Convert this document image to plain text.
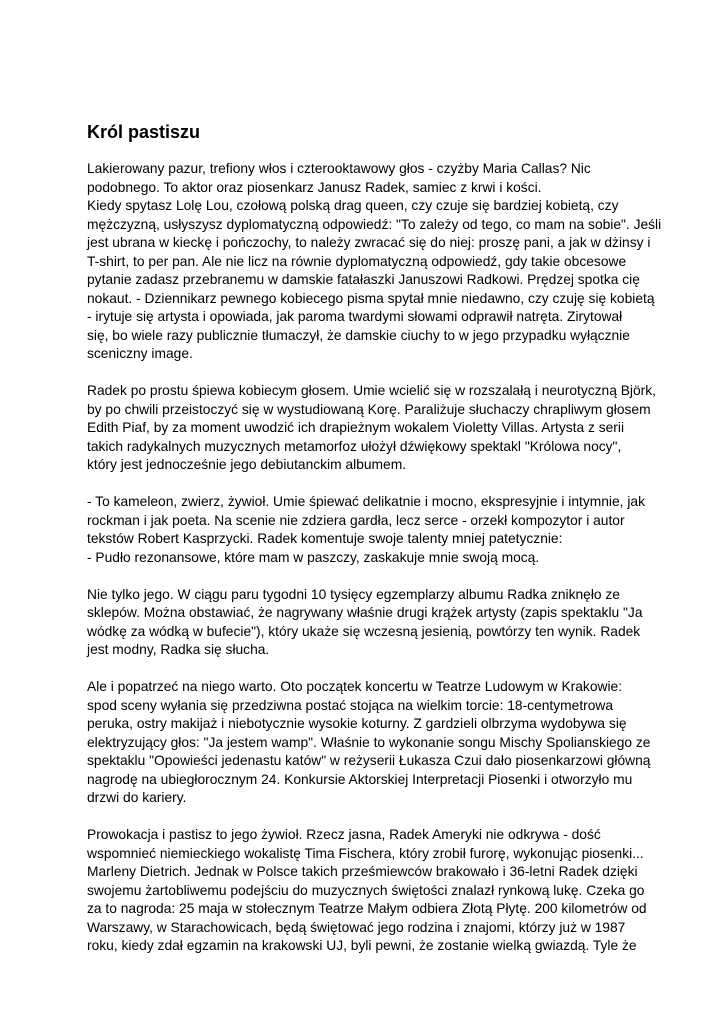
Król pastiszu

Lakierowany pazur, trefiony włos i czterooktawowy głos - czyżby Maria Callas? Nic
podobnego. To aktor oraz piosenkarz Janusz Radek, samiec z krwi i kości.
Kiedy spytasz Lolę Lou, czołową polską drag queen, czy czuje się bardziej kobietą, czy
mężczyzną, usłyszysz dyplomatyczną odpowiedź: "To zależy od tego, co mam na sobie". Jeśli
jest ubrana w kieckę i pończochy, to należy zwracać się do niej: proszę pani, a jak w dżinsy i
T-shirt, to per pan. Ale nie licz na równie dyplomatyczną odpowiedź, gdy takie obcesowe
pytanie zadasz przebranemu w damskie fatałaszki Januszowi Radkowi. Prędzej spotka cię
nokaut. - Dziennikarz pewnego kobiecego pisma spytał mnie niedawno, czy czuję się kobietą
- irytuje się artysta i opowiada, jak paroma twardymi słowami odprawił natręta. Zirytował
się, bo wiele razy publicznie tłumaczył, że damskie ciuchy to w jego przypadku wyłącznie
sceniczny image.

Radek po prostu śpiewa kobiecym głosem. Umie wcielić się w rozszalałą i neurotyczną Björk,
by po chwili przeistoczyć się w wystudiowaną Korę. Paraliżuje słuchaczy chrapliwym głosem
Edith Piaf, by za moment uwodzić ich drapieżnym wokalem Violetty Villas. Artysta z serii
takich radykalnych muzycznych metamorfoz ułożył dźwiękowy spektakl "Królowa nocy",
który jest jednocześnie jego debiutanckim albumem.

- To kameleon, zwierz, żywioł. Umie śpiewać delikatnie i mocno, ekspresyjnie i intymnie, jak
rockman i jak poeta. Na scenie nie zdziera gardła, lecz serce - orzekł kompozytor i autor
tekstów Robert Kasprzycki. Radek komentuje swoje talenty mniej patetycznie:
- Pudło rezonansowe, które mam w paszczy, zaskakuje mnie swoją mocą.

Nie tylko jego. W ciągu paru tygodni 10 tysięcy egzemplarzy albumu Radka zniknęło ze
sklepów. Można obstawiać, że nagrywany właśnie drugi krążek artysty (zapis spektaklu "Ja
wódkę za wódką w bufecie"), który ukaże się wczesną jesienią, powtórzy ten wynik. Radek
jest modny, Radka się słucha.

Ale i popatrzeć na niego warto. Oto początek koncertu w Teatrze Ludowym w Krakowie:
spod sceny wyłania się przedziwna postać stojąca na wielkim torcie: 18-centymetrowa
peruka, ostry makijaż i niebotycznie wysokie koturny. Z gardzieli olbrzyma wydobywa się
elektryzujący głos: "Ja jestem wamp". Właśnie to wykonanie songu Mischy Spolianskiego ze
spektaklu "Opowieści jedenastu katów" w reżyserii Łukasza Czui dało piosenkarzowi główną
nagrodę na ubiegłorocznym 24. Konkursie Aktorskiej Interpretacji Piosenki i otworzyło mu
drzwi do kariery.

Prowokacja i pastisz to jego żywioł. Rzecz jasna, Radek Ameryki nie odkrywa - dość
wspomnieć niemieckiego wokalistę Tima Fischera, który zrobił furorę, wykonując piosenki...
Marleny Dietrich. Jednak w Polsce takich prześmiewców brakowało i 36-letni Radek dzięki
swojemu żartobliwemu podejściu do muzycznych świętości znalazł rynkową lukę. Czeka go
za to nagroda: 25 maja w stołecznym Teatrze Małym odbiera Złotą Płytę. 200 kilometrów od
Warszawy, w Starachowicach, będą świętować jego rodzina i znajomi, którzy już w 1987
roku, kiedy zdał egzamin na krakowski UJ, byli pewni, że zostanie wielką gwiazdą. Tyle że
